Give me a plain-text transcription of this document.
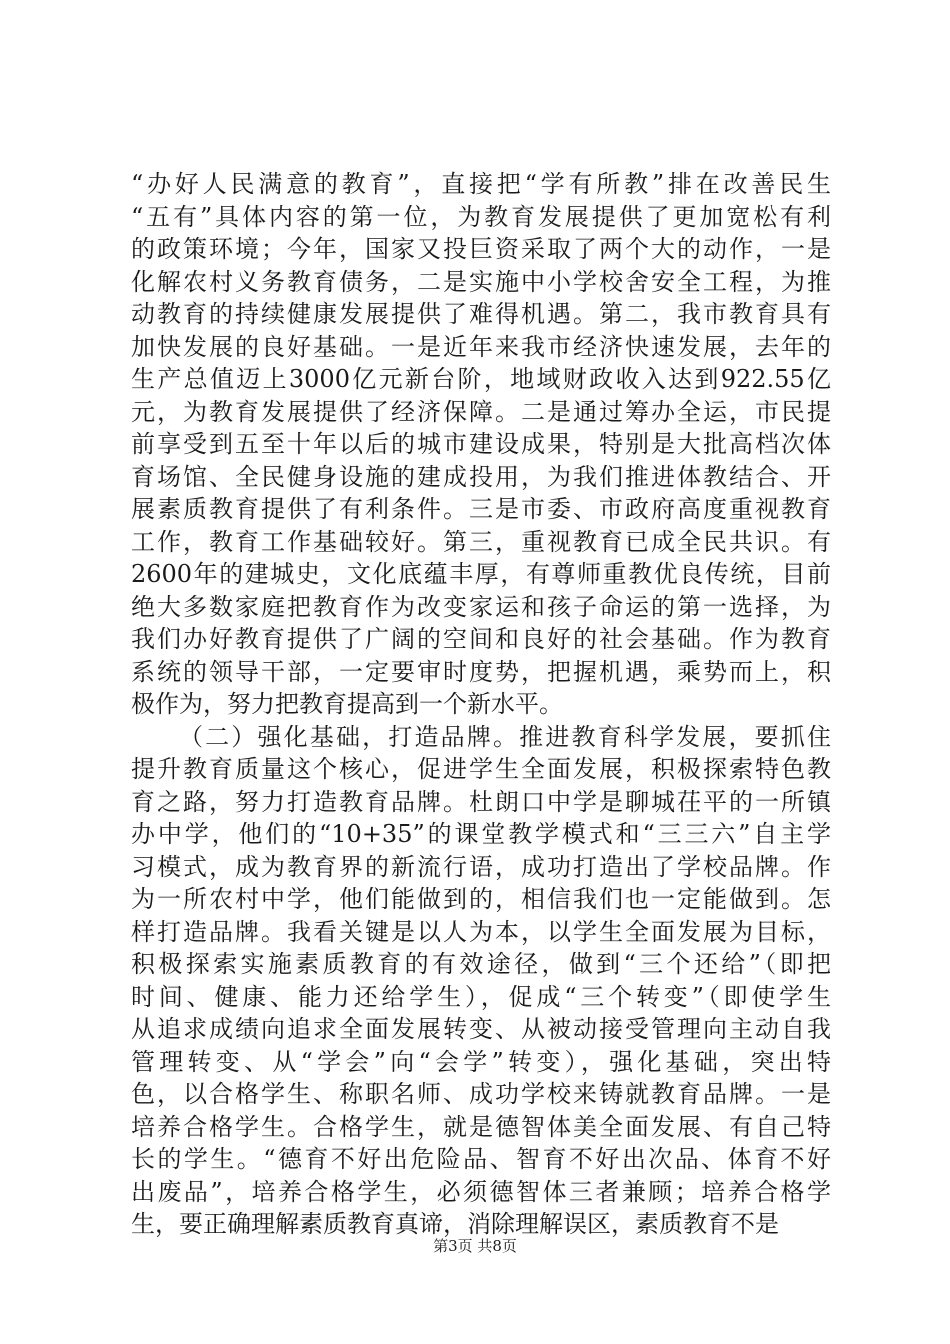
“办好人民满意的教育”，直接把“学有所教”排在改善民生
“五有”具体内容的第一位，为教育发展提供了更加宽松有利
的政策环境；今年，国家又投巨资采取了两个大的动作，一是
化解农村义务教育债务，二是实施中小学校舍安全工程，为推
动教育的持续健康发展提供了难得机遇。第二，我市教育具有
加快发展的良好基础。一是近年来我市经济快速发展，去年的
生产总值迈上3000亿元新台阶，地域财政收入达到922.55亿
元，为教育发展提供了经济保障。二是通过筹办全运，市民提
前享受到五至十年以后的城市建设成果，特别是大批高档次体
育场馆、全民健身设施的建成投用，为我们推进体教结合、开
展素质教育提供了有利条件。三是市委、市政府高度重视教育
工作，教育工作基础较好。第三，重视教育已成全民共识。有
2600年的建城史，文化底蕴丰厚，有尊师重教优良传统，目前
绝大多数家庭把教育作为改变家运和孩子命运的第一选择，为
我们办好教育提供了广阔的空间和良好的社会基础。作为教育
系统的领导干部，一定要审时度势，把握机遇，乘势而上，积
极作为，努力把教育提高到一个新水平。
（二）强化基础，打造品牌。推进教育科学发展，要抓住
提升教育质量这个核心，促进学生全面发展，积极探索特色教
育之路，努力打造教育品牌。杜朗口中学是聊城茌平的一所镇
办中学，他们的“10+35”的课堂教学模式和“三三六”自主学
习模式，成为教育界的新流行语，成功打造出了学校品牌。作
为一所农村中学，他们能做到的，相信我们也一定能做到。怎
样打造品牌。我看关键是以人为本，以学生全面发展为目标，
积极探索实施素质教育的有效途径，做到“三个还给”（即把
时间、健康、能力还给学生），促成“三个转变”（即使学生
从追求成绩向追求全面发展转变、从被动接受管理向主动自我
管理转变、从“学会”向“会学”转变），强化基础，突出特
色，以合格学生、称职名师、成功学校来铸就教育品牌。一是
培养合格学生。合格学生，就是德智体美全面发展、有自己特
长的学生。“德育不好出危险品、智育不好出次品、体育不好
出废品”，培养合格学生，必须德智体三者兼顾；培养合格学
生，要正确理解素质教育真谛，消除理解误区，素质教育不是
第3页 共8页
